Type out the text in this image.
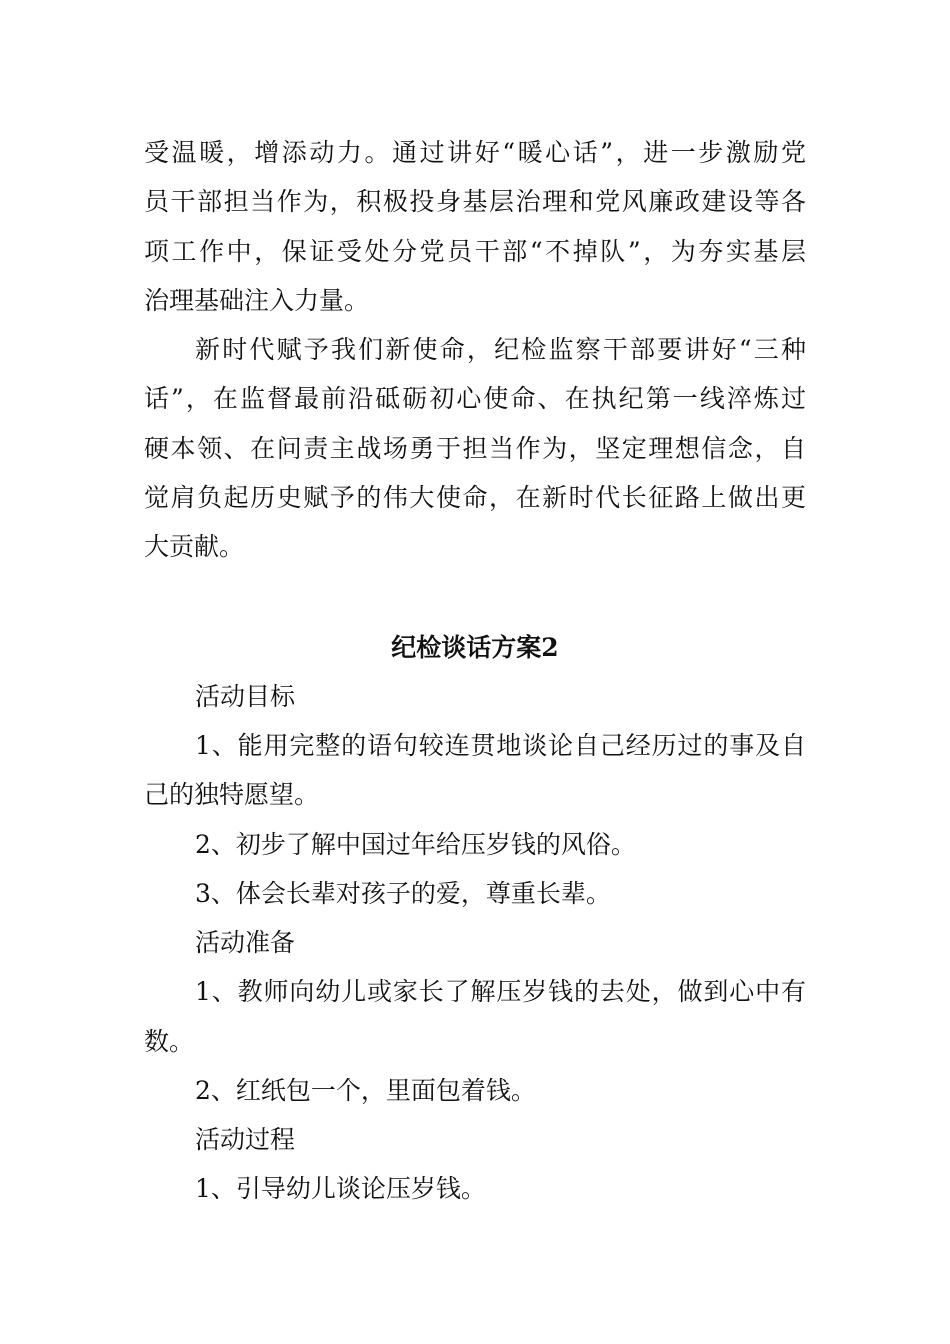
受温暖，增添动力。通过讲好“暖心话”，进一步激励党
员干部担当作为，积极投身基层治理和党风廉政建设等各
项工作中，保证受处分党员干部“不掉队”，为夯实基层
治理基础注入力量。
新时代赋予我们新使命，纪检监察干部要讲好“三种
话”，在监督最前沿砥砺初心使命、在执纪第一线淬炼过
硬本领、在问责主战场勇于担当作为，坚定理想信念，自
觉肩负起历史赋予的伟大使命，在新时代长征路上做出更
大贡献。
纪检谈话方案2
活动目标
1、能用完整的语句较连贯地谈论自己经历过的事及自
己的独特愿望。
2、初步了解中国过年给压岁钱的风俗。
3、体会长辈对孩子的爱，尊重长辈。
活动准备
1、教师向幼儿或家长了解压岁钱的去处，做到心中有
数。
2、红纸包一个，里面包着钱。
活动过程
1、引导幼儿谈论压岁钱。
